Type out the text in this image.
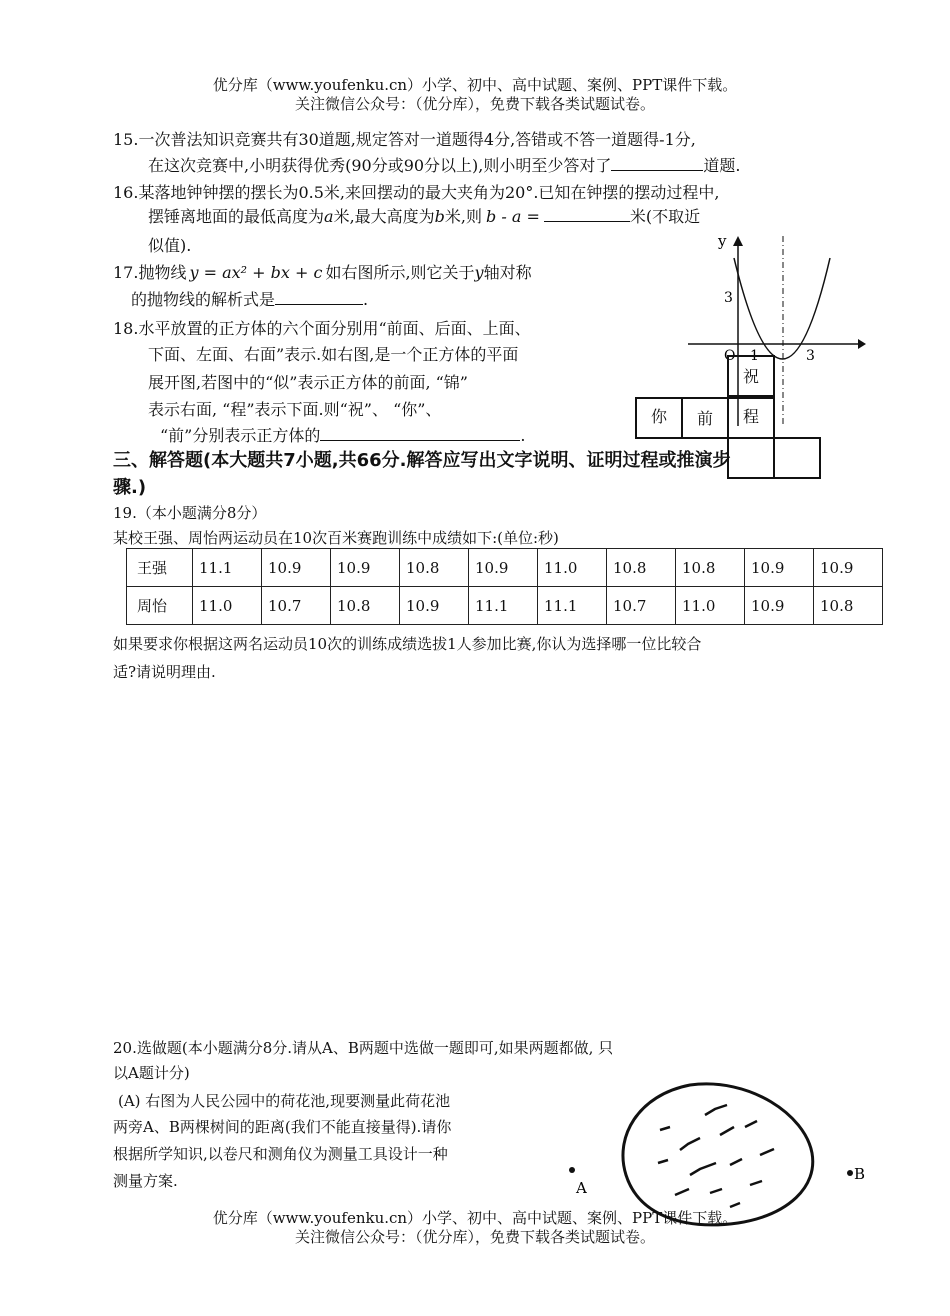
优分库（www.youfenku.cn）小学、初中、高中试题、案例、PPT课件下载。
关注微信公众号：（优分库），免费下载各类试题试卷。
15.一次普法知识竞赛共有30道题,规定答对一道题得4分,答错或不答一道题得-1分,
在这次竞赛中,小明获得优秀(90分或90分以上),则小明至少答对了	道题.
16.某落地钟钟摆的摆长为0.5米,来回摆动的最大夹角为20°.已知在钟摆的摆动过程中,
摆锤离地面的最低高度为a米,最大高度为b米,则 b - a =	米(不取近
似值).
17.抛物线 y = ax² + bx + c 如右图所示,则它关于y轴对称
的抛物线的解析式是	.
y
O 1	3
3
18.水平放置的正方体的六个面分别用“前面、后面、上面、
下面、左面、右面”表示.如右图,是一个正方体的平面
展开图,若图中的“似”表示正方体的前面, “锦”
表示右面, “程”表示下面.则“祝”、 “你”、
“前”分别表示正方体的	.
祝
你	前	程
三、解答题(本大题共7小题,共66分.解答应写出文字说明、证明过程或推演步
骤.)
19.（本小题满分8分）
某校王强、周怡两运动员在10次百米赛跑训练中成绩如下:(单位:秒)
王强	11.1	10.9	10.9	10.8	10.9	11.0	10.8	10.8	10.9	10.9
周怡	11.0	10.7	10.8	10.9	11.1	11.1	10.7	11.0	10.9	10.8
如果要求你根据这两名运动员10次的训练成绩选拔1人参加比赛,你认为选择哪一位比较合
适?请说明理由.
20.选做题(本小题满分8分.请从A、B两题中选做一题即可,如果两题都做, 只
以A题计分)
(A) 右图为人民公园中的荷花池,现要测量此荷花池
两旁A、B两棵树间的距离(我们不能直接量得).请你
根据所学知识,以卷尺和测角仪为测量工具设计一种
测量方案.	A
B
优分库（www.youfenku.cn）小学、初中、高中试题、案例、PPT课件下载。
关注微信公众号：（优分库），免费下载各类试题试卷。
